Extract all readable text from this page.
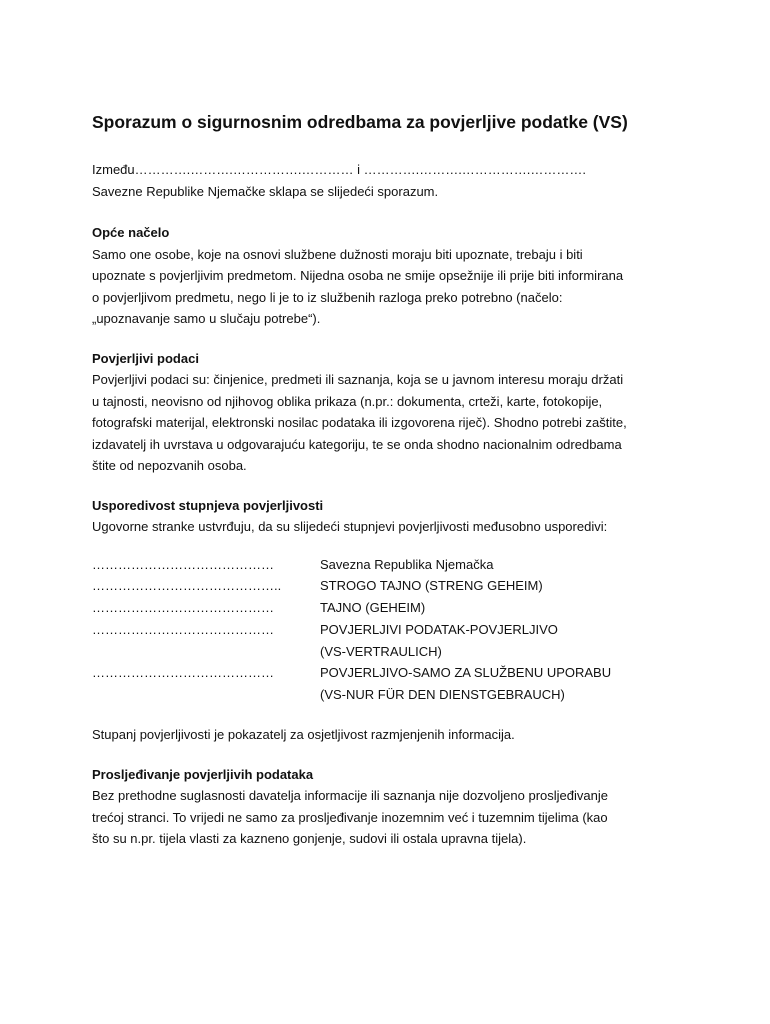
Sporazum o sigurnosnim odredbama za povjerljive podatke (VS)

Između………….……….…………….………… i ………….……….…………….………….
Savezne Republike Njemačke sklapa se slijedeći sporazum.

Opće načelo

Samo one osobe, koje na osnovi službene dužnosti moraju biti upoznate, trebaju i biti
upoznate s povjerljivim predmetom. Nijedna osoba ne smije opsežnije ili prije biti informirana
o povjerljivom predmetu, nego li je to iz službenih razloga preko potrebno (načelo:
„upoznavanje samo u slučaju potrebe“).

Povjerljivi podaci

Povjerljivi podaci su: činjenice, predmeti ili saznanja, koja se u javnom interesu moraju držati
u tajnosti, neovisno od njihovog oblika prikaza (n.pr.: dokumenta, crteži, karte, fotokopije,
fotografski materijal, elektronski nosilac podataka ili izgovorena riječ). Shodno potrebi zaštite,
izdavatelj ih uvrstava u odgovarajuću kategoriju, te se onda shodno nacionalnim odredbama
štite od nepozvanih osoba.

Usporedivost stupnjeva povjerljivosti

Ugovorne stranke ustvrđuju, da su slijedeći stupnjevi povjerljivosti međusobno usporedivi:

……………………………………	Savezna Republika Njemačka
……………………………………..	STROGO TAJNO (STRENG GEHEIM)
……………………………………	TAJNO (GEHEIM)
……………………………………	POVJERLJIVI PODATAK-POVJERLJIVO
(VS-VERTRAULICH)
……………………………………	POVJERLJIVO-SAMO ZA SLUŽBENU UPORABU
(VS-NUR FÜR DEN DIENSTGEBRAUCH)

Stupanj povjerljivosti je pokazatelj za osjetljivost razmjenjenih informacija.

Prosljeđivanje povjerljivih podataka

Bez prethodne suglasnosti davatelja informacije ili saznanja nije dozvoljeno prosljeđivanje
trećoj stranci. To vrijedi ne samo za prosljeđivanje inozemnim već i tuzemnim tijelima (kao
što su n.pr. tijela vlasti za kazneno gonjenje, sudovi ili ostala upravna tijela).
